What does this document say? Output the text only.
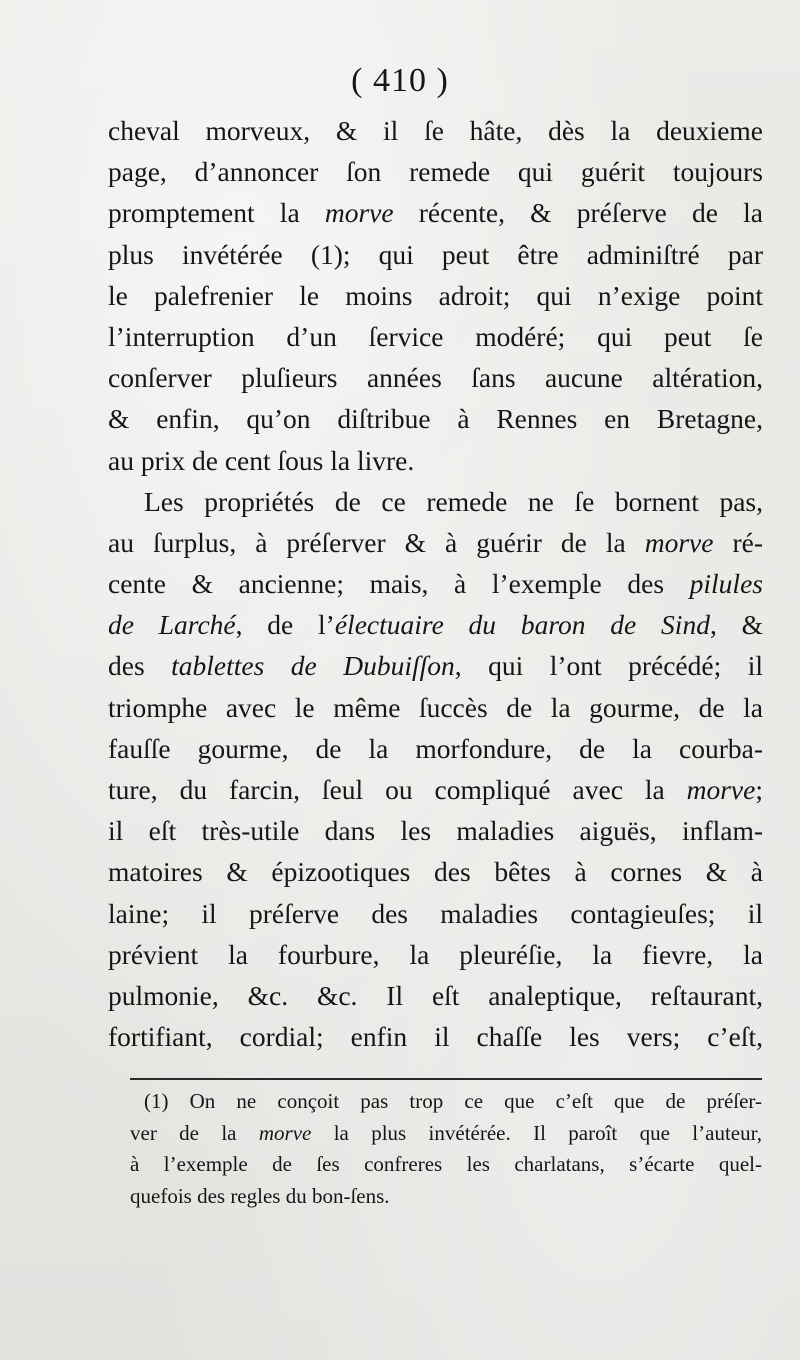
( 410 )
cheval morveux, & il ſe hâte, dès la deuxieme
page, d’annoncer ſon remede qui guérit toujours
promptement la morve récente, & préſerve de la
plus invétérée (1); qui peut être adminiſtré par
le palefrenier le moins adroit; qui n’exige point
l’interruption d’un ſervice modéré; qui peut ſe
conſerver pluſieurs années ſans aucune altération,
& enfin, qu’on diſtribue à Rennes en Bretagne,
au prix de cent ſous la livre.
Les propriétés de ce remede ne ſe bornent pas,
au ſurplus, à préſerver & à guérir de la morve ré-
cente & ancienne; mais, à l’exemple des pilules
de Larché, de l’électuaire du baron de Sind, &
des tablettes de Dubuiſſon, qui l’ont précédé; il
triomphe avec le même ſuccès de la gourme, de la
fauſſe gourme, de la morfondure, de la courba-
ture, du farcin, ſeul ou compliqué avec la morve;
il eſt très-utile dans les maladies aiguës, inflam-
matoires & épizootiques des bêtes à cornes & à
laine; il préſerve des maladies contagieuſes; il
prévient la fourbure, la pleuréſie, la fievre, la
pulmonie, &c. &c. Il eſt analeptique, reſtaurant,
fortifiant, cordial; enfin il chaſſe les vers; c’eſt,
(1) On ne conçoit pas trop ce que c’eſt que de préſer-
ver de la morve la plus invétérée. Il paroît que l’auteur,
à l’exemple de ſes confreres les charlatans, s’écarte quel-
quefois des regles du bon-ſens.
